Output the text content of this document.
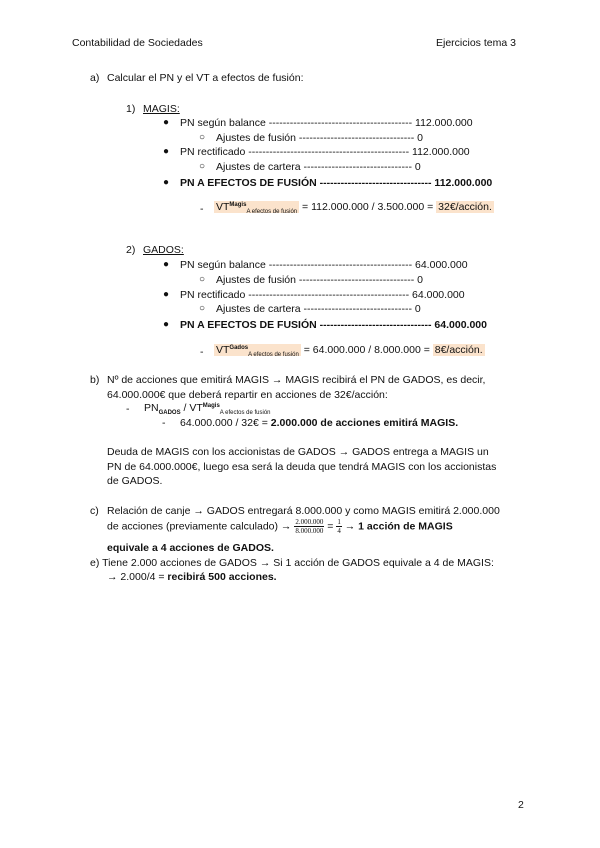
Contabilidad de Sociedades	Ejercicios tema 3
a) Calcular el PN y el VT a efectos de fusión:
1) MAGIS:
● PN según balance ----------------------------------------- 112.000.000
○ Ajustes de fusión --------------------------------- 0
● PN rectificado ---------------------------------------------- 112.000.000
○ Ajustes de cartera ------------------------------- 0
● PN A EFECTOS DE FUSIÓN -------------------------------- 112.000.000
- $VT^{Magis}_{A efectos de fusión} = 112.000.000 / 3.500.000$ = 32€/acción.
2) GADOS:
● PN según balance ----------------------------------------- 64.000.000
○ Ajustes de fusión --------------------------------- 0
● PN rectificado ---------------------------------------------- 64.000.000
○ Ajustes de cartera ------------------------------- 0
● PN A EFECTOS DE FUSIÓN -------------------------------- 64.000.000
- $VT^{Gados}_{A efectos de fusión} = 64.000.000 / 8.000.000$ = 8€/acción.
b) Nº de acciones que emitirá MAGIS → MAGIS recibirá el PN de GADOS, es decir,
64.000.000€ que deberá repartir en acciones de 32€/acción:
- $PN_{GADOS} / VT^{Magis}_{A efectos de fusión}$
- 64.000.000 / 32€ = 2.000.000 de acciones emitirá MAGIS.
Deuda de MAGIS con los accionistas de GADOS → GADOS entrega a MAGIS un
PN de 64.000.000€, luego esa será la deuda que tendrá MAGIS con los accionistas
de GADOS.
c) Relación de canje → GADOS entregará 8.000.000 y como MAGIS emitirá 2.000.000
de acciones (previamente calculado) → $\frac{2.000.000}{8.000.000} = \frac{1}{4} \to 1$ acción de MAGIS
equivale a 4 acciones de GADOS.
e) Tiene 2.000 acciones de GADOS → Si 1 acción de GADOS equivale a 4 de MAGIS:
→ 2.000/4 = recibirá 500 acciones.
2
